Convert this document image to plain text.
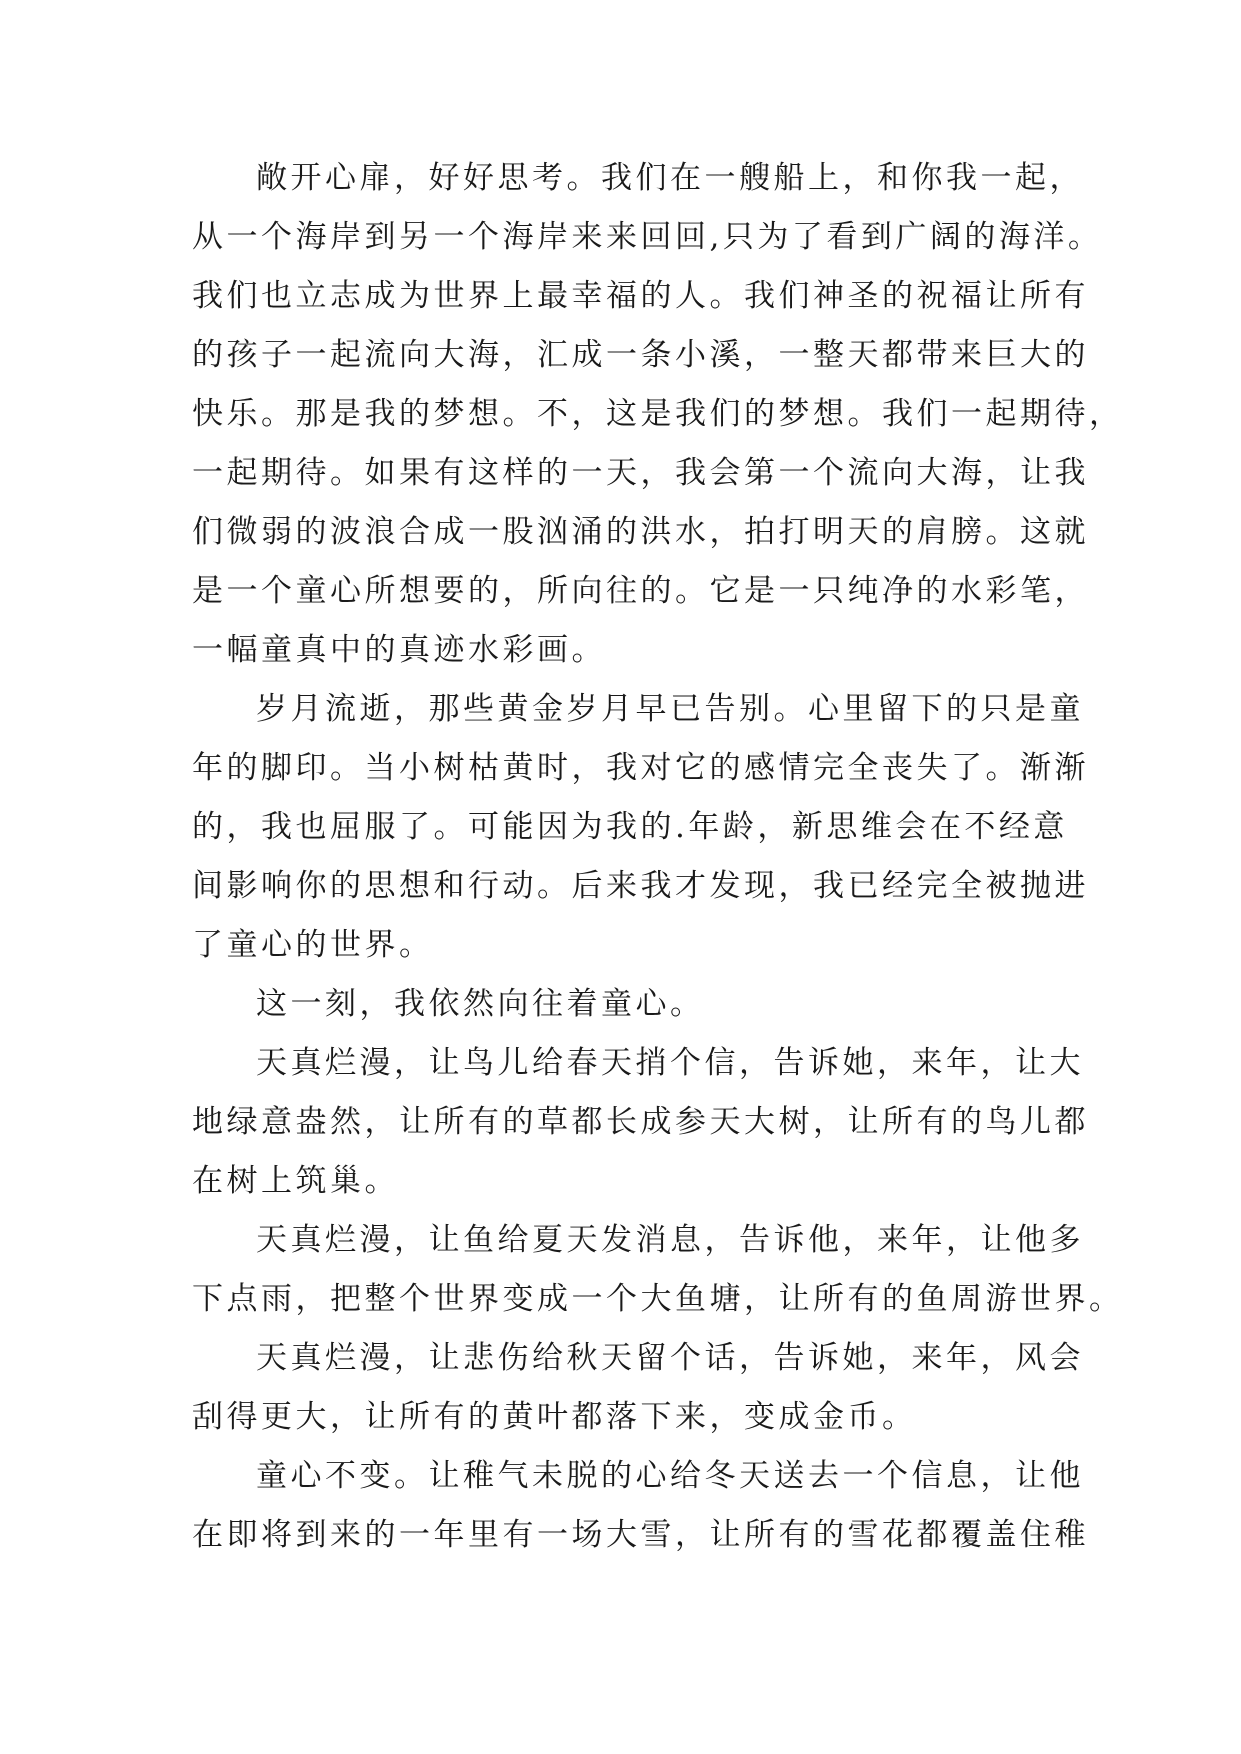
敞开心扉，好好思考。我们在一艘船上，和你我一起，
从一个海岸到另一个海岸来来回回,只为了看到广阔的海洋。
我们也立志成为世界上最幸福的人。我们神圣的祝福让所有
的孩子一起流向大海，汇成一条小溪，一整天都带来巨大的
快乐。那是我的梦想。不，这是我们的梦想。我们一起期待，
一起期待。如果有这样的一天，我会第一个流向大海，让我
们微弱的波浪合成一股汹涌的洪水，拍打明天的肩膀。这就
是一个童心所想要的，所向往的。它是一只纯净的水彩笔，
一幅童真中的真迹水彩画。
岁月流逝，那些黄金岁月早已告别。心里留下的只是童
年的脚印。当小树枯黄时，我对它的感情完全丧失了。渐渐
的，我也屈服了。可能因为我的.年龄，新思维会在不经意
间影响你的思想和行动。后来我才发现，我已经完全被抛进
了童心的世界。
这一刻，我依然向往着童心。
天真烂漫，让鸟儿给春天捎个信，告诉她，来年，让大
地绿意盎然，让所有的草都长成参天大树，让所有的鸟儿都
在树上筑巢。
天真烂漫，让鱼给夏天发消息，告诉他，来年，让他多
下点雨，把整个世界变成一个大鱼塘，让所有的鱼周游世界。
天真烂漫，让悲伤给秋天留个话，告诉她，来年，风会
刮得更大，让所有的黄叶都落下来，变成金币。
童心不变。让稚气未脱的心给冬天送去一个信息，让他
在即将到来的一年里有一场大雪，让所有的雪花都覆盖住稚
